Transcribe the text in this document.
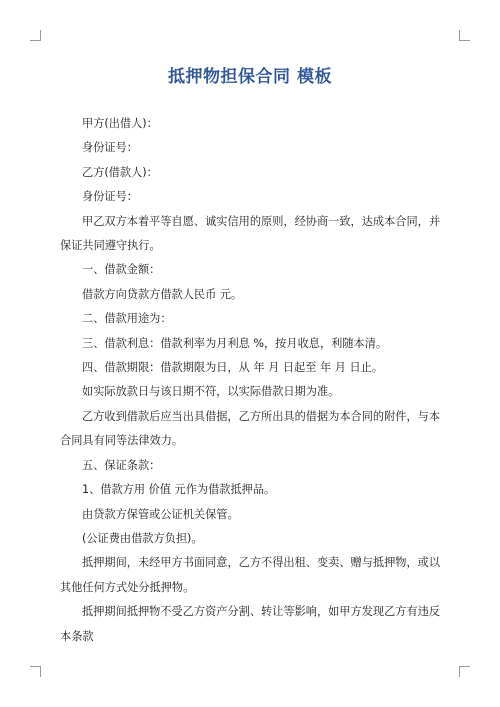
抵押物担保合同 模板

甲方(出借人)：

身份证号：

乙方(借款人)：

身份证号：

甲乙双方本着平等自愿、诚实信用的原则，经协商一致，达成本合同，并保证共同遵守执行。

一、借款金额：

借款方向贷款方借款人民币 元。

二、借款用途为：

三、借款利息：借款利率为月利息 %，按月收息，利随本清。

四、借款期限：借款期限为日，从 年 月 日起至 年 月 日止。

如实际放款日与该日期不符，以实际借款日期为准。

乙方收到借款后应当出具借据，乙方所出具的借据为本合同的附件，与本合同具有同等法律效力。

五、保证条款：

1、借款方用 价值 元作为借款抵押品。

由贷款方保管或公证机关保管。

(公证费由借款方负担)。

抵押期间，未经甲方书面同意，乙方不得出租、变卖、赠与抵押物，或以其他任何方式处分抵押物。

抵押期间抵押物不受乙方资产分割、转让等影响，如甲方发现乙方有违反本条款
